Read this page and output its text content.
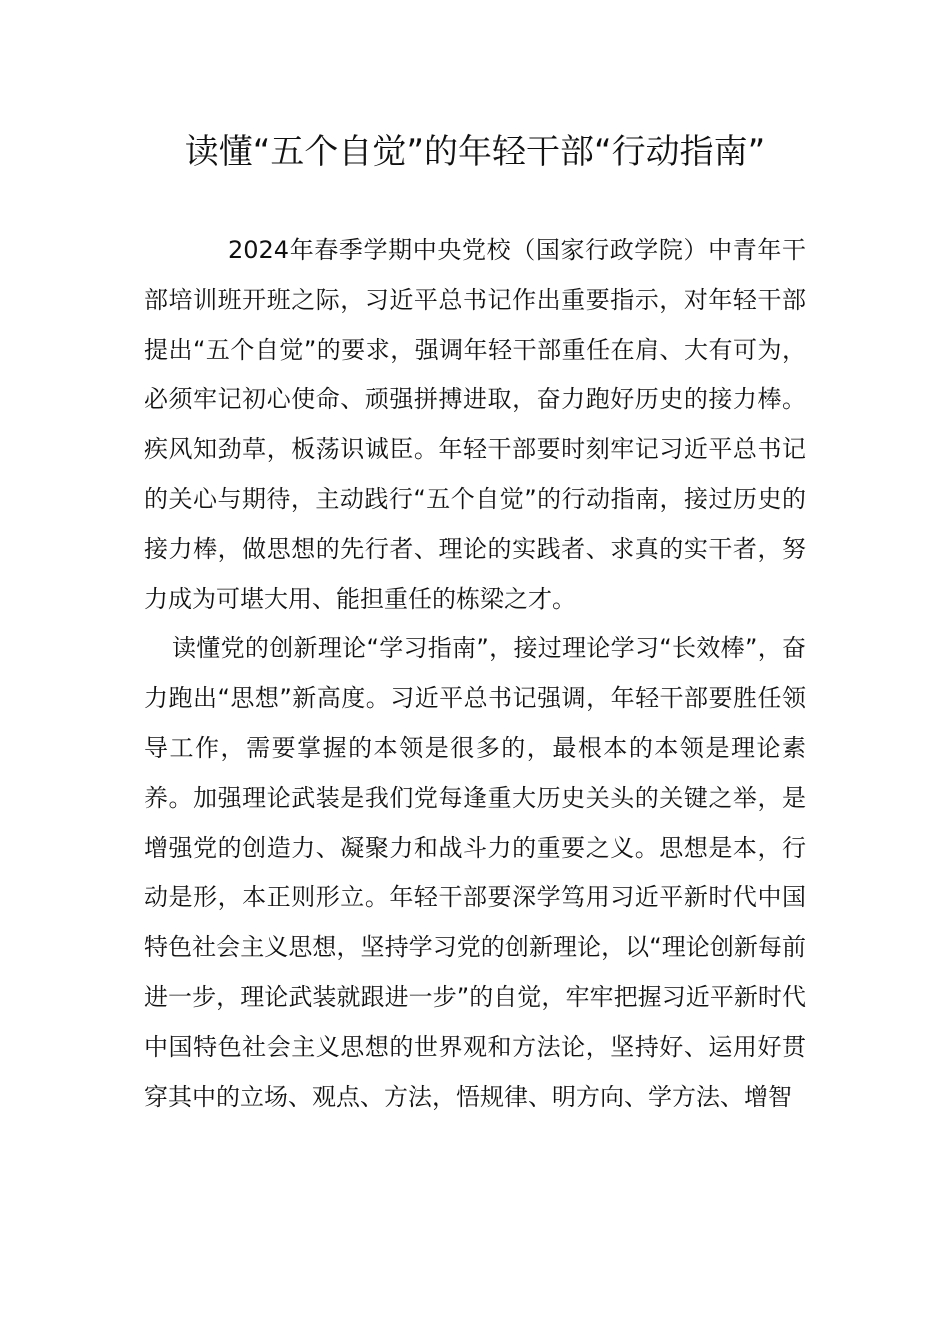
读懂“五个自觉”的年轻干部“行动指南”

2024年春季学期中央党校（国家行政学院）中青年干部培训班开班之际，习近平总书记作出重要指示，对年轻干部提出“五个自觉”的要求，强调年轻干部重任在肩、大有可为，必须牢记初心使命、顽强拼搏进取，奋力跑好历史的接力棒。疾风知劲草，板荡识诚臣。年轻干部要时刻牢记习近平总书记的关心与期待，主动践行“五个自觉”的行动指南，接过历史的接力棒，做思想的先行者、理论的实践者、求真的实干者，努力成为可堪大用、能担重任的栋梁之才。

读懂党的创新理论“学习指南”，接过理论学习“长效棒”，奋力跑出“思想”新高度。习近平总书记强调，年轻干部要胜任领导工作，需要掌握的本领是很多的，最根本的本领是理论素养。加强理论武装是我们党每逢重大历史关头的关键之举，是增强党的创造力、凝聚力和战斗力的重要之义。思想是本，行动是形，本正则形立。年轻干部要深学笃用习近平新时代中国特色社会主义思想，坚持学习党的创新理论，以“理论创新每前进一步，理论武装就跟进一步”的自觉，牢牢把握习近平新时代中国特色社会主义思想的世界观和方法论，坚持好、运用好贯穿其中的立场、观点、方法，悟规律、明方向、学方法、增智
